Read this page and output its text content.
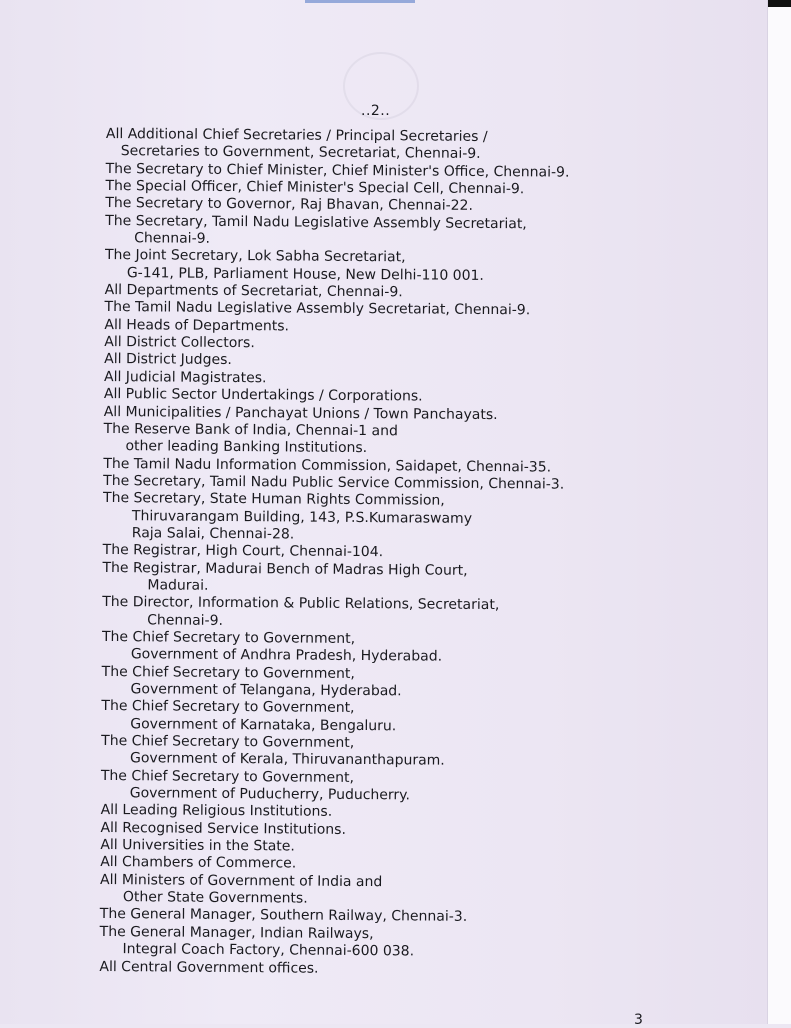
..2..
All Additional Chief Secretaries / Principal Secretaries /
Secretaries to Government, Secretariat, Chennai-9.
The Secretary to Chief Minister, Chief Minister's Office, Chennai-9.
The Special Officer, Chief Minister's Special Cell, Chennai-9.
The Secretary to Governor, Raj Bhavan, Chennai-22.
The Secretary, Tamil Nadu Legislative Assembly Secretariat,
Chennai-9.
The Joint Secretary, Lok Sabha Secretariat,
G-141, PLB, Parliament House, New Delhi-110 001.
All Departments of Secretariat, Chennai-9.
The Tamil Nadu Legislative Assembly Secretariat, Chennai-9.
All Heads of Departments.
All District Collectors.
All District Judges.
All Judicial Magistrates.
All Public Sector Undertakings / Corporations.
All Municipalities / Panchayat Unions / Town Panchayats.
The Reserve Bank of India, Chennai-1 and
other leading Banking Institutions.
The Tamil Nadu Information Commission, Saidapet, Chennai-35.
The Secretary, Tamil Nadu Public Service Commission, Chennai-3.
The Secretary, State Human Rights Commission,
Thiruvarangam Building, 143, P.S.Kumaraswamy
Raja Salai, Chennai-28.
The Registrar, High Court, Chennai-104.
The Registrar, Madurai Bench of Madras High Court,
Madurai.
The Director, Information & Public Relations, Secretariat,
Chennai-9.
The Chief Secretary to Government,
Government of Andhra Pradesh, Hyderabad.
The Chief Secretary to Government,
Government of Telangana, Hyderabad.
The Chief Secretary to Government,
Government of Karnataka, Bengaluru.
The Chief Secretary to Government,
Government of Kerala, Thiruvananthapuram.
The Chief Secretary to Government,
Government of Puducherry, Puducherry.
All Leading Religious Institutions.
All Recognised Service Institutions.
All Universities in the State.
All Chambers of Commerce.
All Ministers of Government of India and
Other State Governments.
The General Manager, Southern Railway, Chennai-3.
The General Manager, Indian Railways,
Integral Coach Factory, Chennai-600 038.
All Central Government offices.
3
